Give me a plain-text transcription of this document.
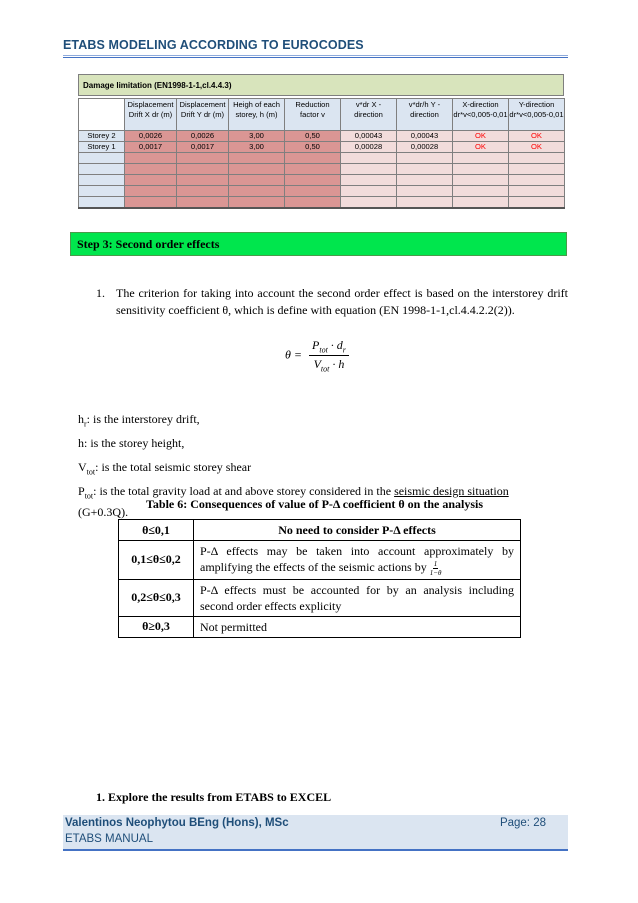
ETABS MODELING ACCORDING TO EUROCODES
Damage limitation (EN1998-1-1,cl.4.4.3)
	Displacement Drift X dr (m)	Displacement Drift Y dr (m)	Heigh of each storey, h (m)	Reduction factor v	v*dr X - direction	v*dr/h Y - direction	X-direction dr*v<0,005-0,01	Y-direction dr*v<0,005-0,01
Storey 2	0,0026	0,0026	3,00	0,50	0,00043	0,00043	OK	OK
Storey 1	0,0017	0,0017	3,00	0,50	0,00028	0,00028	OK	OK

Step 3: Second order effects
1. The criterion for taking into account the second order effect is based on the interstorey drift sensitivity coefficient θ, which is define with equation (EN 1998-1-1,cl.4.4.2.2(2)).
$\theta = \frac{P_{tot} \cdot d_r}{V_{tot} \cdot h}$
$h_r$: is the interstorey drift,
h: is the storey height,
$V_{tot}$: is the total seismic storey shear
$P_{tot}$: is the total gravity load at and above storey considered in the seismic design situation (G+0.3Q).
Table 6: Consequences of value of P-Δ coefficient θ on the analysis
θ≤0,1	No need to consider P-Δ effects
0,1≤θ≤0,2	P-Δ effects may be taken into account approximately by amplifying the effects of the seismic actions by $\frac{1}{1-\theta}$

0,2≤θ≤0,3	P-Δ effects must be accounted for by an analysis including second order effects explicity
θ≥0,3	Not permitted
1. Explore the results from ETABS to EXCEL
Valentinos Neophytou BEng (Hons), MSc
ETABS MANUAL
Page: 28
